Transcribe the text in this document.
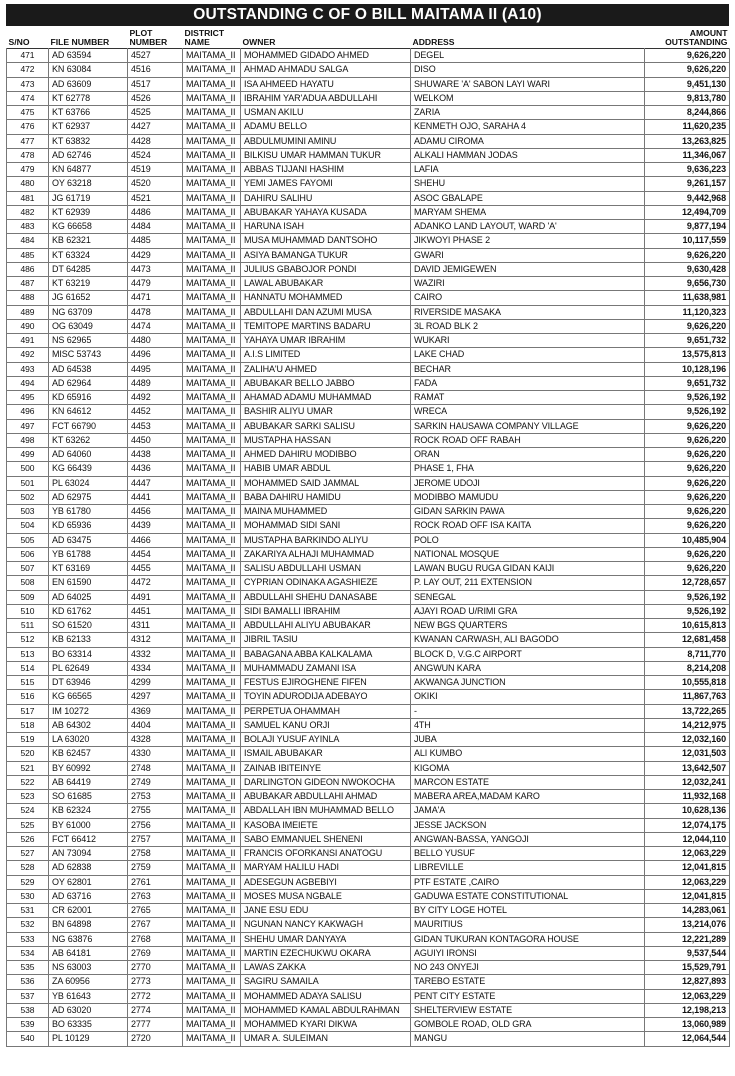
OUTSTANDING C OF O BILL MAITAMA II (A10)
S/NO	FILE NUMBER	PLOT
NUMBER	DISTRICT
NAME	OWNER	ADDRESS	AMOUNT
OUTSTANDING
471	AD 63594	4527	MAITAMA_II	MOHAMMED GIDADO AHMED	DEGEL	9,626,220
472	KN 63084	4516	MAITAMA_II	AHMAD AHMADU SALGA	DISO	9,626,220
473	AD 63609	4517	MAITAMA_II	ISA AHMEED HAYATU	SHUWARE 'A' SABON LAYI WARI	9,451,130
474	KT 62778	4526	MAITAMA_II	IBRAHIM YAR'ADUA ABDULLAHI	WELKOM	9,813,780
475	KT 63766	4525	MAITAMA_II	USMAN AKILU	ZARIA	8,244,866
476	KT 62937	4427	MAITAMA_II	ADAMU BELLO	KENMETH OJO, SARAHA 4	11,620,235
477	KT 63832	4428	MAITAMA_II	ABDULMUMINI AMINU	ADAMU CIROMA	13,263,825
478	AD 62746	4524	MAITAMA_II	BILKISU UMAR HAMMAN TUKUR	ALKALI HAMMAN JODAS	11,346,067
479	KN 64877	4519	MAITAMA_II	ABBAS TIJJANI HASHIM	LAFIA	9,636,223
480	OY 63218	4520	MAITAMA_II	YEMI JAMES FAYOMI	SHEHU	9,261,157
481	JG 61719	4521	MAITAMA_II	DAHIRU SALIHU	ASOC GBALAPE	9,442,968
482	KT 62939	4486	MAITAMA_II	ABUBAKAR YAHAYA KUSADA	MARYAM SHEMA	12,494,709
483	KG 66658	4484	MAITAMA_II	HARUNA ISAH	ADANKO LAND LAYOUT, WARD 'A'	9,877,194
484	KB 62321	4485	MAITAMA_II	MUSA MUHAMMAD DANTSOHO	JIKWOYI PHASE 2	10,117,559
485	KT 63324	4429	MAITAMA_II	ASIYA BAMANGA TUKUR	GWARI	9,626,220
486	DT 64285	4473	MAITAMA_II	JULIUS GBABOJOR PONDI	DAVID JEMIGEWEN	9,630,428
487	KT 63219	4479	MAITAMA_II	LAWAL ABUBAKAR	WAZIRI	9,656,730
488	JG 61652	4471	MAITAMA_II	HANNATU MOHAMMED	CAIRO	11,638,981
489	NG 63709	4478	MAITAMA_II	ABDULLAHI DAN AZUMI MUSA	RIVERSIDE MASAKA	11,120,323
490	OG 63049	4474	MAITAMA_II	TEMITOPE MARTINS BADARU	3L ROAD BLK 2	9,626,220
491	NS 62965	4480	MAITAMA_II	YAHAYA UMAR IBRAHIM	WUKARI	9,651,732
492	MISC 53743	4496	MAITAMA_II	A.I.S LIMITED	LAKE CHAD	13,575,813
493	AD 64538	4495	MAITAMA_II	ZALIHA'U AHMED	BECHAR	10,128,196
494	AD 62964	4489	MAITAMA_II	ABUBAKAR BELLO JABBO	FADA	9,651,732
495	KD 65916	4492	MAITAMA_II	AHAMAD ADAMU MUHAMMAD	RAMAT	9,526,192
496	KN 64612	4452	MAITAMA_II	BASHIR ALIYU UMAR	WRECA	9,526,192
497	FCT 66790	4453	MAITAMA_II	ABUBAKAR SARKI SALISU	SARKIN HAUSAWA COMPANY VILLAGE	9,626,220
498	KT 63262	4450	MAITAMA_II	MUSTAPHA HASSAN	ROCK ROAD OFF RABAH	9,626,220
499	AD 64060	4438	MAITAMA_II	AHMED DAHIRU MODIBBO	ORAN	9,626,220
500	KG 66439	4436	MAITAMA_II	HABIB UMAR ABDUL	PHASE 1, FHA	9,626,220
501	PL 63024	4447	MAITAMA_II	MOHAMMED SAID JAMMAL	JEROME UDOJI	9,626,220
502	AD 62975	4441	MAITAMA_II	BABA DAHIRU HAMIDU	MODIBBO MAMUDU	9,626,220
503	YB 61780	4456	MAITAMA_II	MAINA MUHAMMED	GIDAN SARKIN PAWA	9,626,220
504	KD 65936	4439	MAITAMA_II	MOHAMMAD SIDI SANI	ROCK ROAD OFF ISA KAITA	9,626,220
505	AD 63475	4466	MAITAMA_II	MUSTAPHA BARKINDO ALIYU	POLO	10,485,904
506	YB 61788	4454	MAITAMA_II	ZAKARIYA ALHAJI MUHAMMAD	NATIONAL MOSQUE	9,626,220
507	KT 63169	4455	MAITAMA_II	SALISU ABDULLAHI USMAN	LAWAN BUGU RUGA GIDAN KAIJI	9,626,220
508	EN 61590	4472	MAITAMA_II	CYPRIAN ODINAKA AGASHIEZE	P. LAY OUT, 211 EXTENSION	12,728,657
509	AD 64025	4491	MAITAMA_II	ABDULLAHI SHEHU DANASABE	SENEGAL	9,526,192
510	KD 61762	4451	MAITAMA_II	SIDI BAMALLI IBRAHIM	AJAYI ROAD U/RIMI GRA	9,526,192
511	SO 61520	4311	MAITAMA_II	ABDULLAHI ALIYU ABUBAKAR	NEW BGS QUARTERS	10,615,813
512	KB 62133	4312	MAITAMA_II	JIBRIL TASIU	KWANAN CARWASH, ALI BAGODO	12,681,458
513	BO 63314	4332	MAITAMA_II	BABAGANA ABBA KALKALAMA	BLOCK D, V.G.C AIRPORT	8,711,770
514	PL 62649	4334	MAITAMA_II	MUHAMMADU ZAMANI ISA	ANGWUN KARA	8,214,208
515	DT 63946	4299	MAITAMA_II	FESTUS EJIROGHENE FIFEN	AKWANGA JUNCTION	10,555,818
516	KG 66565	4297	MAITAMA_II	TOYIN ADURODIJA ADEBAYO	OKIKI	11,867,763
517	IM 10272	4369	MAITAMA_II	PERPETUA OHAMMAH	-	13,722,265
518	AB 64302	4404	MAITAMA_II	SAMUEL KANU ORJI	4TH	14,212,975
519	LA 63020	4328	MAITAMA_II	BOLAJI YUSUF AYINLA	JUBA	12,032,160
520	KB 62457	4330	MAITAMA_II	ISMAIL ABUBAKAR	ALI KUMBO	12,031,503
521	BY 60992	2748	MAITAMA_II	ZAINAB IBITEINYE	KIGOMA	13,642,507
522	AB 64419	2749	MAITAMA_II	DARLINGTON GIDEON NWOKOCHA	MARCON ESTATE	12,032,241
523	SO 61685	2753	MAITAMA_II	ABUBAKAR ABDULLAHI AHMAD	MABERA AREA,MADAM KARO	11,932,168
524	KB 62324	2755	MAITAMA_II	ABDALLAH IBN MUHAMMAD BELLO	JAMA'A	10,628,136
525	BY 61000	2756	MAITAMA_II	KASOBA IMEIETE	JESSE JACKSON	12,074,175
526	FCT 66412	2757	MAITAMA_II	SABO EMMANUEL SHENENI	ANGWAN-BASSA, YANGOJI	12,044,110
527	AN 73094	2758	MAITAMA_II	FRANCIS OFORKANSI ANATOGU	BELLO YUSUF	12,063,229
528	AD 62838	2759	MAITAMA_II	MARYAM HALILU HADI	LIBREVILLE	12,041,815
529	OY 62801	2761	MAITAMA_II	ADESEGUN AGBEBIYI	PTF ESTATE ,CAIRO	12,063,229
530	AD 63716	2763	MAITAMA_II	MOSES MUSA NGBALE	GADUWA ESTATE CONSTITUTIONAL	12,041,815
531	CR 62001	2765	MAITAMA_II	JANE ESU EDU	BY CITY LOGE HOTEL	14,283,061
532	BN 64898	2767	MAITAMA_II	NGUNAN NANCY KAKWAGH	MAURITIUS	13,214,076
533	NG 63876	2768	MAITAMA_II	SHEHU UMAR DANYAYA	GIDAN TUKURAN KONTAGORA HOUSE	12,221,289
534	AB 64181	2769	MAITAMA_II	MARTIN EZECHUKWU OKARA	AGUIYI IRONSI	9,537,544
535	NS 63003	2770	MAITAMA_II	LAWAS ZAKKA	NO 243 ONYEJI	15,529,791
536	ZA 60956	2773	MAITAMA_II	SAGIRU SAMAILA	TAREBO ESTATE	12,827,893
537	YB 61643	2772	MAITAMA_II	MOHAMMED ADAYA SALISU	PENT CITY ESTATE	12,063,229
538	AD 63020	2774	MAITAMA_II	MOHAMMED KAMAL ABDULRAHMAN	SHELTERVIEW ESTATE	12,198,213
539	BO 63335	2777	MAITAMA_II	MOHAMMED KYARI DIKWA	GOMBOLE ROAD, OLD GRA	13,060,989
540	PL 10129	2720	MAITAMA_II	UMAR A. SULEIMAN	MANGU	12,064,544
